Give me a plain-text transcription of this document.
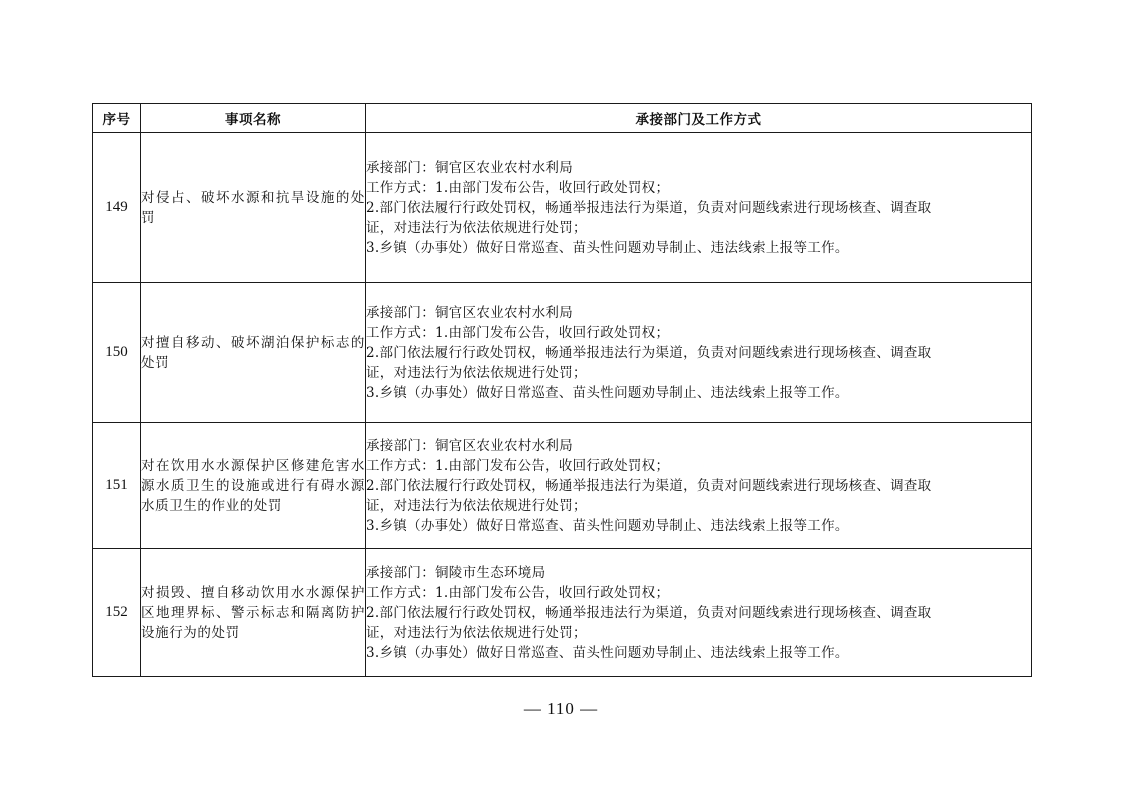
序号	事项名称	承接部门及工作方式
149	对侵占、破坏水源和抗旱设施的处罚	承接部门：铜官区农业农村水利局
工作方式：1.由部门发布公告，收回行政处罚权；
2.部门依法履行行政处罚权，畅通举报违法行为渠道，负责对问题线索进行现场核查、调查取
证，对违法行为依法依规进行处罚；
3.乡镇（办事处）做好日常巡查、苗头性问题劝导制止、违法线索上报等工作。

150	对擅自移动、破坏湖泊保护标志的处罚	承接部门：铜官区农业农村水利局
工作方式：1.由部门发布公告，收回行政处罚权；
2.部门依法履行行政处罚权，畅通举报违法行为渠道，负责对问题线索进行现场核查、调查取
证，对违法行为依法依规进行处罚；
3.乡镇（办事处）做好日常巡查、苗头性问题劝导制止、违法线索上报等工作。

151	对在饮用水水源保护区修建危害水源水质卫生的设施或进行有碍水源水质卫生的作业的处罚	承接部门：铜官区农业农村水利局
工作方式：1.由部门发布公告，收回行政处罚权；
2.部门依法履行行政处罚权，畅通举报违法行为渠道，负责对问题线索进行现场核查、调查取
证，对违法行为依法依规进行处罚；
3.乡镇（办事处）做好日常巡查、苗头性问题劝导制止、违法线索上报等工作。

152	对损毁、擅自移动饮用水水源保护区地理界标、警示标志和隔离防护设施行为的处罚	承接部门：铜陵市生态环境局
工作方式：1.由部门发布公告，收回行政处罚权；
2.部门依法履行行政处罚权，畅通举报违法行为渠道，负责对问题线索进行现场核查、调查取
证，对违法行为依法依规进行处罚；
3.乡镇（办事处）做好日常巡查、苗头性问题劝导制止、违法线索上报等工作。
— 110 —
